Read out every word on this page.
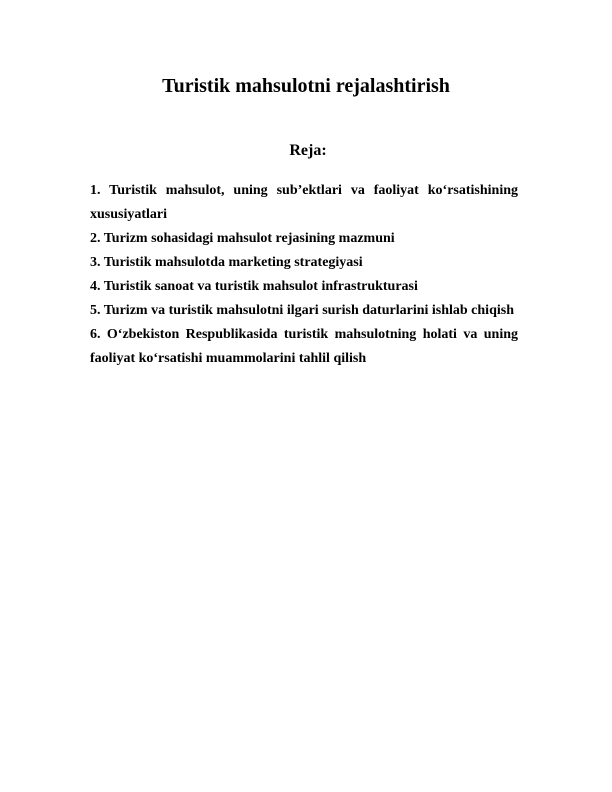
Turistik mahsulotni rejalashtirish
Reja:
1. Turistik mahsulot, uning sub’ektlari va faoliyat ko‘rsatishining xususiyatlari
2. Turizm sohasidagi mahsulot rejasining mazmuni
3. Turistik mahsulotda marketing strategiyasi
4. Turistik sanoat va turistik mahsulot infrastrukturasi
5. Turizm va turistik mahsulotni ilgari surish daturlarini ishlab chiqish
6. O‘zbekiston Respublikasida turistik mahsulotning holati va uning faoliyat ko‘rsatishi muammolarini tahlil qilish
